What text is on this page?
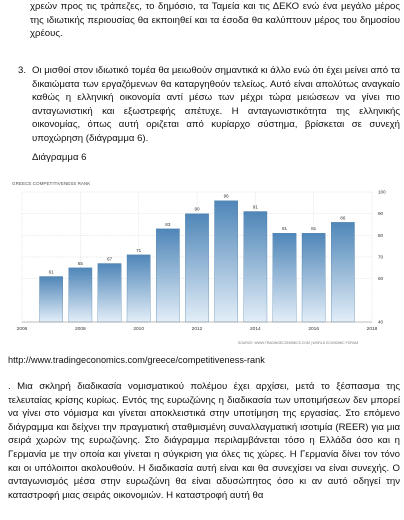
χρεών προς τις τράπεζες, το δημόσιο, τα Ταμεία και τις ΔΕΚΟ ενώ ένα μεγάλο μέρος της ιδιωτικής περιουσίας θα εκποιηθεί και τα έσοδα θα καλύπτουν μέρος του δημοσίου χρέους.
3. Οι μισθοί στον ιδιωτικό τομέα θα μειωθούν σημαντικά κι άλλο ενώ ότι έχει μείνει από τα δικαιώματα των εργαζόμενων θα καταργηθούν τελείως. Αυτό είναι απολύτως αναγκαίο καθώς η ελληνική οικονομία αντί μέσω των μέχρι τώρα μειώσεων να γίνει πιο ανταγωνιστική και εξωστρεφής απέτυχε. Η ανταγωνιστικότητα της ελληνικής οικονομίας, όπως αυτή οριζεται από κυρίαρχο σύστημα, βρίσκεται σε συνεχή υποχώρηση (διάγραμμα 6).
Διάγραμμα 6
61
65
67
71
83
90
96
91
81	81
86
40
60
70
80
90
100
2006	2008	2010	2012	2014	2016	2018
GREECE COMPETITIVENESS RANK
SOURCE: WWW.TRADINGECONOMICS.COM | WORLD ECONOMIC FORUM
http://www.tradingeconomics.com/greece/competitiveness-rank
. Μια σκληρή διαδικασία νομισματικού πολέμου έχει αρχίσει, μετά το ξέσπασμα της τελευταίας κρίσης κυρίως. Εντός της ευρωζώνης η διαδικασία των υποτιμήσεων δεν μπορεί να γίνει στο νόμισμα και γίνεται αποκλειστικά στην υποτίμηση της εργασίας. Στο επόμενο διάγραμμα και δείχνει την πραγματική σταθμισμένη συναλλαγματική ισοτιμία (REER) για μια σειρά χωρών της ευρωζώνης. Στο διάγραμμα περιλαμβάνεται τόσο η Ελλάδα όσο και η Γερμανία με την οποία και γίνεται η σύγκριση για όλες τις χώρες. Η Γερμανία δίνει τον τόνο και οι υπόλοιποι ακολουθούν. Η διαδικασία αυτή είναι και θα συνεχίσει να είναι συνεχής. Ο ανταγωνισμός μέσα στην ευρωζώνη θα είναι αδυσώπητος όσο κι αν αυτό οδηγεί την καταστροφή μιας σειράς οικονομιών. Η καταστροφή αυτή θα
